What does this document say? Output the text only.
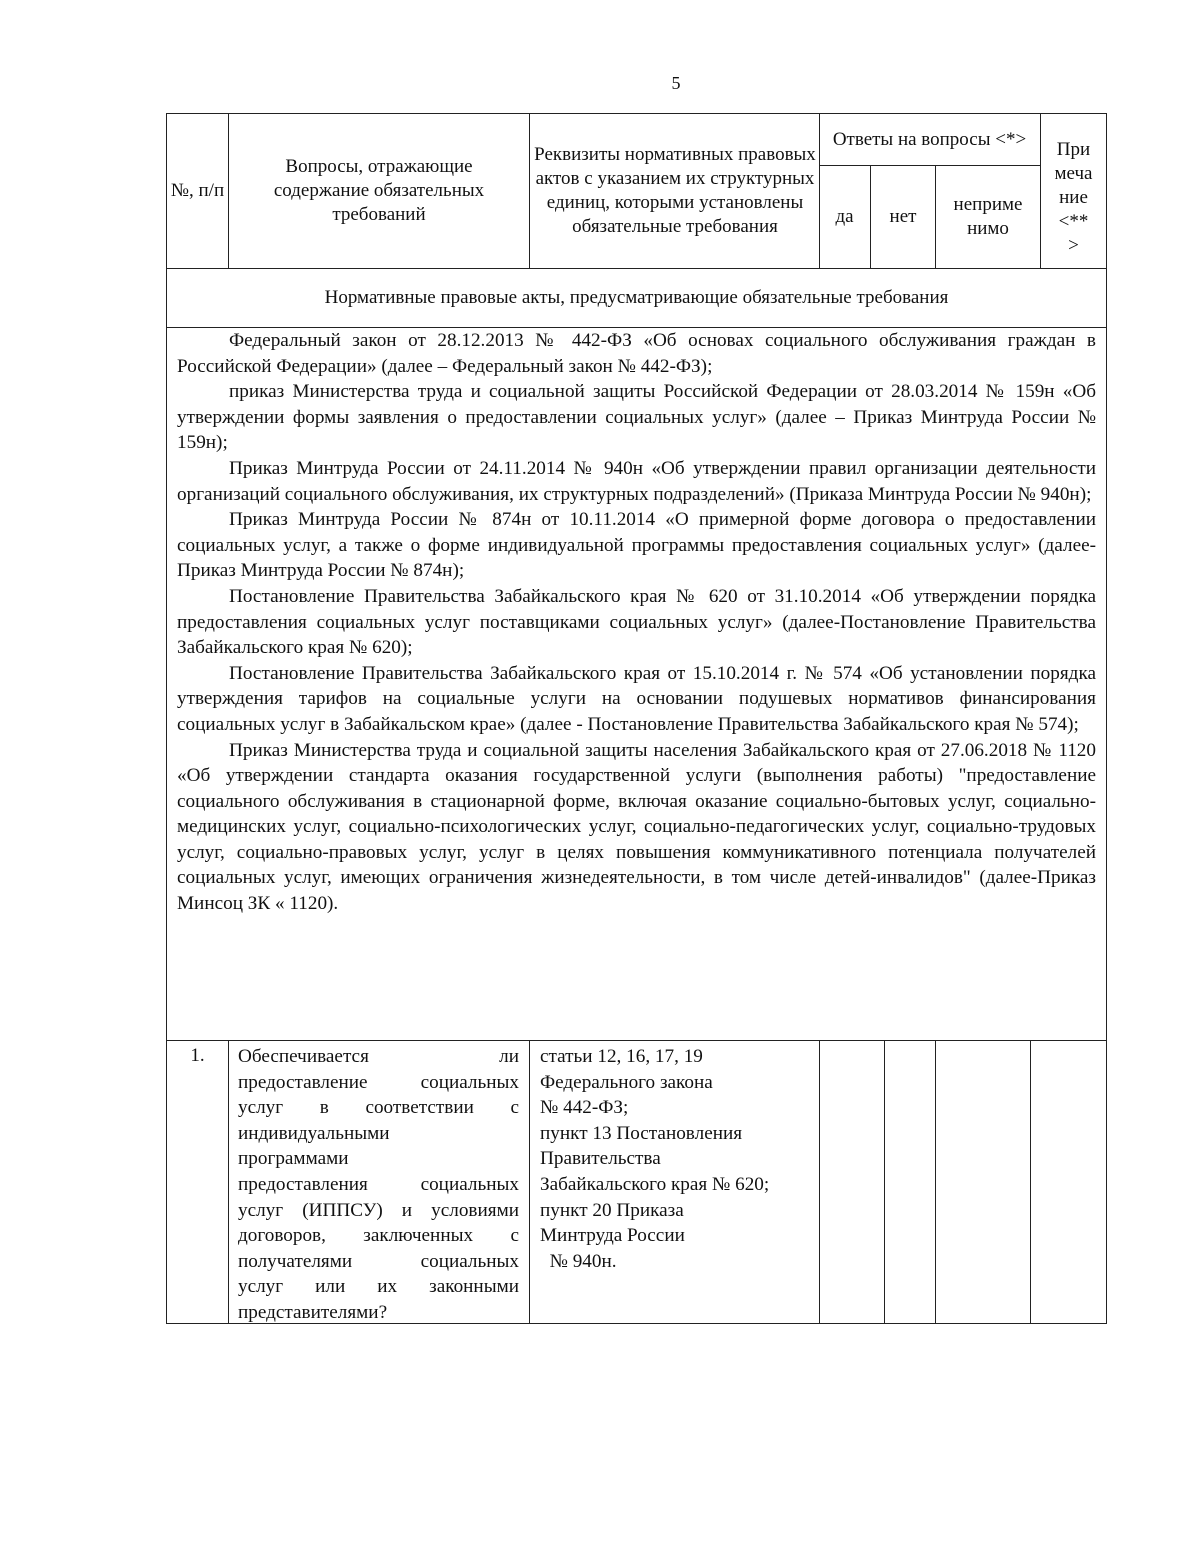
5
№, п/п
Вопросы, отражающие содержание обязательных требований
Реквизиты нормативных правовых актов с указанием их структурных единиц, которыми установлены обязательные требования
Ответы на вопросы <*>
да	нет
неприме
нимо
При
меча
ние
<**
>
Нормативные правовые акты, предусматривающие обязательные требования

Федеральный закон от 28.12.2013 № 442-ФЗ «Об основах социального обслуживания граждан в Российской Федерации» (далее – Федеральный закон № 442-ФЗ);

приказ Министерства труда и социальной защиты Российской Федерации от 28.03.2014 № 159н «Об утверждении формы заявления о предоставлении социальных услуг» (далее – Приказ Минтруда России № 159н);

Приказ Минтруда России от 24.11.2014 № 940н «Об утверждении правил организации деятельности организаций социального обслуживания, их структурных подразделений» (Приказа Минтруда России № 940н);

Приказ Минтруда России № 874н от 10.11.2014 «О примерной форме договора о предоставлении социальных услуг, а также о форме индивидуальной программы предоставления социальных услуг» (далее-Приказ Минтруда России № 874н);

Постановление Правительства Забайкальского края № 620 от 31.10.2014 «Об утверждении порядка предоставления социальных услуг поставщиками социальных услуг» (далее-Постановление Правительства Забайкальского края № 620);

Постановление Правительства Забайкальского края от 15.10.2014 г. № 574 «Об установлении порядка утверждения тарифов на социальные услуги на основании подушевых нормативов финансирования социальных услуг в Забайкальском крае» (далее - Постановление Правительства Забайкальского края № 574);

Приказ Министерства труда и социальной защиты населения Забайкальского края от 27.06.2018 № 1120 «Об утверждении стандарта оказания государственной услуги (выполнения работы) "предоставление социального обслуживания в стационарной форме, включая оказание социально-бытовых услуг, социально-медицинских услуг, социально-психологических услуг, социально-педагогических услуг, социально-трудовых услуг, социально-правовых услуг, услуг в целях повышения коммуникативного потенциала получателей социальных услуг, имеющих ограничения жизнедеятельности, в том числе детей-инвалидов" (далее-Приказ Минсоц ЗК « 1120).

1.	Обеспечивается ли
предоставление социальных
услуг в соответствии с
индивидуальными
программами
предоставления социальных
услуг (ИППСУ) и условиями
договоров, заключенных с
получателями социальных
услуг или их законными
представителями?
статьи 12, 16, 17, 19
Федерального закона
№ 442-ФЗ;
пункт 13 Постановления
Правительства
Забайкальского края № 620;
пункт 20 Приказа
Минтруда России
№ 940н.
